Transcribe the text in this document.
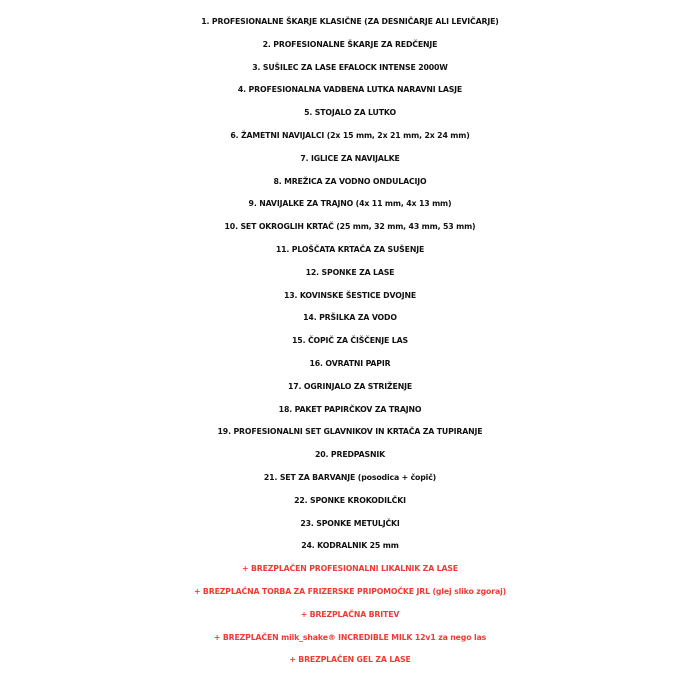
1. PROFESIONALNE ŠKARJE KLASIČNE (ZA DESNIČARJE ALI LEVIČARJE)
2. PROFESIONALNE ŠKARJE ZA REDČENJE
3. SUŠILEC ZA LASE EFALOCK INTENSE 2000W
4. PROFESIONALNA VADBENA LUTKA NARAVNI LASJE
5. STOJALO ZA LUTKO
6. ŽAMETNI NAVIJALCI (2x 15 mm, 2x 21 mm, 2x 24 mm)
7. IGLICE ZA NAVIJALKE
8. MREŽICA ZA VODNO ONDULACIJO
9. NAVIJALKE ZA TRAJNO (4x 11 mm, 4x 13 mm)
10. SET OKROGLIH KRTAČ (25 mm, 32 mm, 43 mm, 53 mm)
11. PLOŠČATA KRTAČA ZA SUŠENJE
12. SPONKE ZA LASE
13. KOVINSKE ŠESTICE DVOJNE
14. PRŠILKA ZA VODO
15. ČOPIČ ZA ČIŠČENJE LAS
16. OVRATNI PAPIR
17. OGRINJALO ZA STRIŽENJE
18. PAKET PAPIRČKOV ZA TRAJNO
19. PROFESIONALNI SET GLAVNIKOV IN KRTAČA ZA TUPIRANJE
20. PREDPASNIK
21. SET ZA BARVANJE (posodica + čopič)
22. SPONKE KROKODILČKI
23. SPONKE METULJČKI
24. KODRALNIK 25 mm
+ BREZPLAČEN PROFESIONALNI LIKALNIK ZA LASE
+ BREZPLAČNA TORBA ZA FRIZERSKE PRIPOMOČKE JRL (glej sliko zgoraj)
+ BREZPLAČNA BRITEV
+ BREZPLAČEN milk_shake® INCREDIBLE MILK 12v1 za nego las
+ BREZPLAČEN GEL ZA LASE
